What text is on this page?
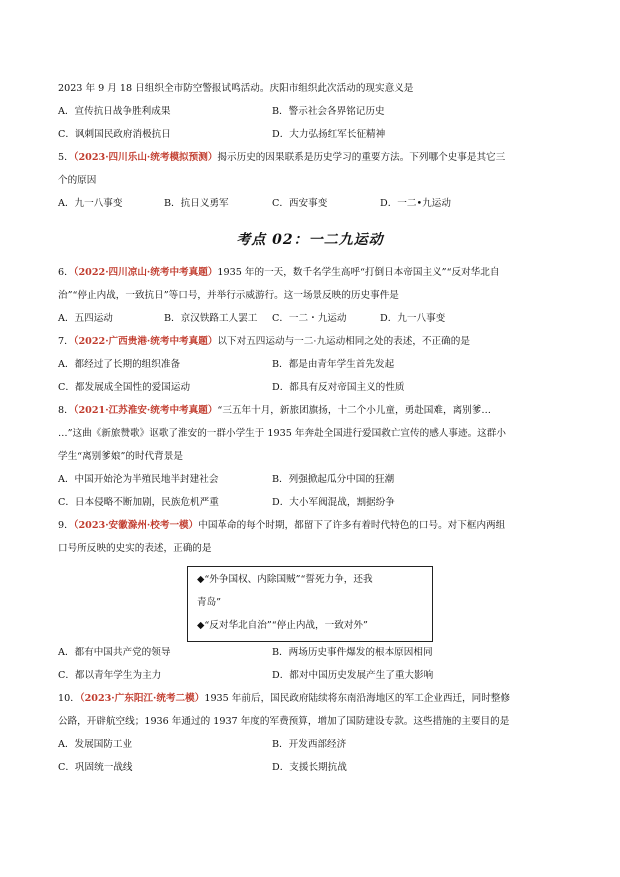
2023 年 9 月 18 日组织全市防空警报试鸣活动。庆阳市组织此次活动的现实意义是
A．宣传抗日战争胜利成果	B．警示社会各界铭记历史
C．讽刺国民政府消极抗日	D．大力弘扬红军长征精神
5．（2023·四川乐山·统考模拟预测）揭示历史的因果联系是历史学习的重要方法。下列哪个史事是其它三
个的原因
A．九一八事变	B．抗日义勇军	C．西安事变	D．一二•九运动
考点 02：一二九运动
6．（2022·四川凉山·统考中考真题）1935 年的一天，数千名学生高呼“打倒日本帝国主义”“反对华北自
治”“停止内战，一致抗日”等口号，并举行示威游行。这一场景反映的历史事件是
A．五四运动	B．京汉铁路工人罢工 C．一二・九运动	D．九一八事变
7．（2022·广西贵港·统考中考真题）以下对五四运动与一二·九运动相同之处的表述，不正确的是
A．都经过了长期的组织准备	B．都是由青年学生首先发起
C．都发展成全国性的爱国运动	D．都具有反对帝国主义的性质
8．（2021·江苏淮安·统考中考真题）“三五年十月，新旅团旗扬，十二个小儿童，勇赴国难，离别爹…
…”这曲《新旅赞歌》讴歌了淮安的一群小学生于 1935 年奔赴全国进行爱国救亡宣传的感人事迹。这群小
学生“离别爹娘”的时代背景是
A．中国开始沦为半殖民地半封建社会	B．列强掀起瓜分中国的狂潮
C．日本侵略不断加剧，民族危机严重	D．大小军阀混战，割据纷争
9．（2023·安徽滁州·校考一模）中国革命的每个时期，都留下了许多有着时代特色的口号。对下框内两组
口号所反映的史实的表述，正确的是
◆“外争国权、内除国贼”“誓死力争，还我
青岛”
◆“反对华北自治”“停止内战，一致对外”
A．都有中国共产党的领导	B．两场历史事件爆发的根本原因相同
C．都以青年学生为主力	D．都对中国历史发展产生了重大影响
10．（2023·广东阳江·统考二模）1935 年前后，国民政府陆续将东南沿海地区的军工企业西迁，同时整修
公路，开辟航空线；1936 年通过的 1937 年度的军费预算，增加了国防建设专款。这些措施的主要目的是
A．发展国防工业	B．开发西部经济
C．巩固统一战线	D．支援长期抗战
